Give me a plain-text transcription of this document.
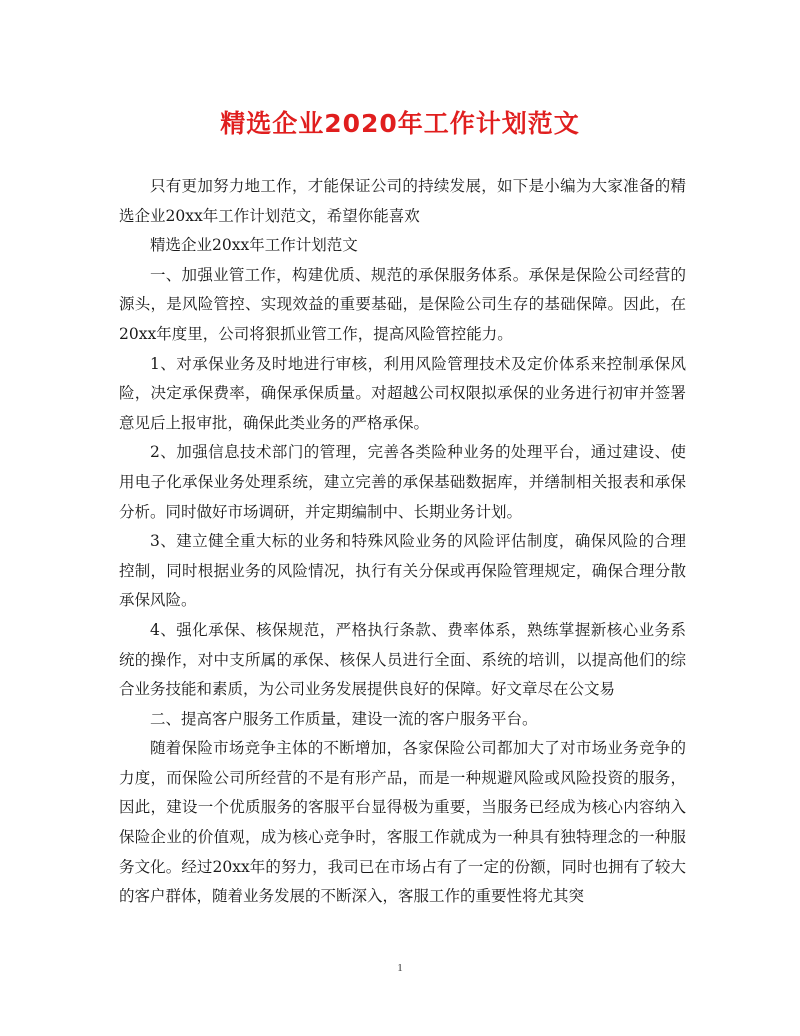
精选企业2020年工作计划范文

只有更加努力地工作，才能保证公司的持续发展，如下是小编为大家准备的精选企业20xx年工作计划范文，希望你能喜欢

精选企业20xx年工作计划范文

一、加强业管工作，构建优质、规范的承保服务体系。承保是保险公司经营的源头，是风险管控、实现效益的重要基础，是保险公司生存的基础保障。因此，在20xx年度里，公司将狠抓业管工作，提高风险管控能力。

1、对承保业务及时地进行审核，利用风险管理技术及定价体系来控制承保风险，决定承保费率，确保承保质量。对超越公司权限拟承保的业务进行初审并签署意见后上报审批，确保此类业务的严格承保。

2、加强信息技术部门的管理，完善各类险种业务的处理平台，通过建设、使用电子化承保业务处理系统，建立完善的承保基础数据库，并缮制相关报表和承保分析。同时做好市场调研，并定期编制中、长期业务计划。

3、建立健全重大标的业务和特殊风险业务的风险评估制度，确保风险的合理控制，同时根据业务的风险情况，执行有关分保或再保险管理规定，确保合理分散承保风险。

4、强化承保、核保规范，严格执行条款、费率体系，熟练掌握新核心业务系统的操作，对中支所属的承保、核保人员进行全面、系统的培训，以提高他们的综合业务技能和素质，为公司业务发展提供良好的保障。好文章尽在公文易

二、提高客户服务工作质量，建设一流的客户服务平台。

随着保险市场竞争主体的不断增加，各家保险公司都加大了对市场业务竞争的力度，而保险公司所经营的不是有形产品，而是一种规避风险或风险投资的服务，因此，建设一个优质服务的客服平台显得极为重要，当服务已经成为核心内容纳入保险企业的价值观，成为核心竞争时，客服工作就成为一种具有独特理念的一种服务文化。经过20xx年的努力，我司已在市场占有了一定的份额，同时也拥有了较大的客户群体，随着业务发展的不断深入，客服工作的重要性将尤其突

1
